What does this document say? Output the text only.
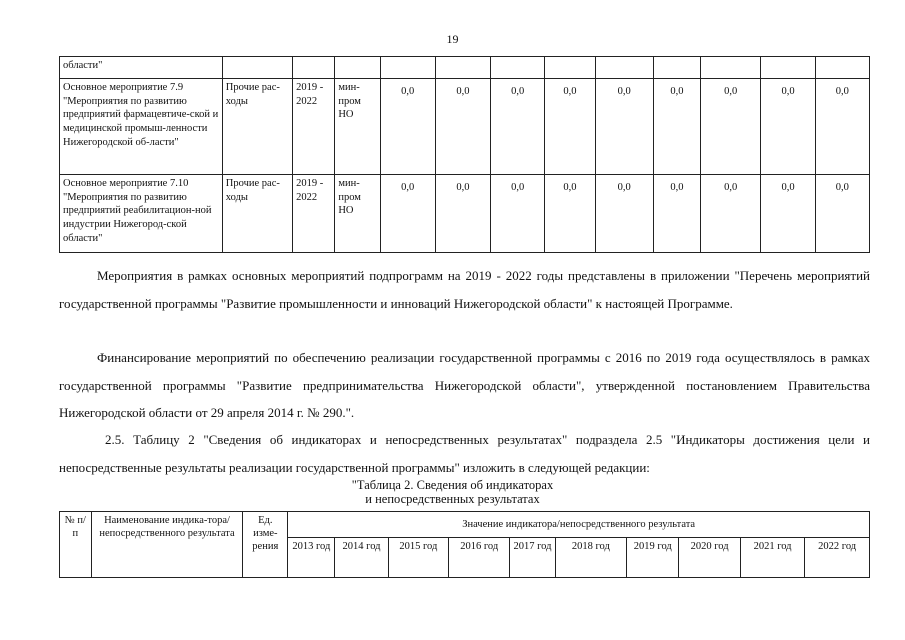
19
области"												
Основное мероприятие 7.9 "Мероприятия по развитию предприятий фармацевтиче-ской и медицинской промыш-ленности Нижегородской об-ласти"	Прочие рас-ходы	2019 - 2022	мин-пром НО	0,0	0,0	0,0	0,0	0,0	0,0	0,0	0,0	0,0
Основное мероприятие 7.10 "Мероприятия по развитию предприятий реабилитацион-ной индустрии Нижегород-ской области"	Прочие рас-ходы	2019 - 2022	мин-пром НО	0,0	0,0	0,0	0,0	0,0	0,0	0,0	0,0	0,0

Мероприятия в рамках основных мероприятий подпрограмм на 2019 - 2022 годы представлены в приложении "Перечень мероприятий государственной программы "Развитие промышленности и инноваций Нижегородской области" к настоящей Программе.

Финансирование мероприятий по обеспечению реализации государственной программы с 2016 по 2019 года осуществлялось в рамках государственной программы "Развитие предпринимательства Нижегородской области", утвержденной постановлением Правительства Нижегородской области от 29 апреля 2014 г. № 290.".

2.5. Таблицу 2 "Сведения об индикаторах и непосредственных результатах" подраздела 2.5 "Индикаторы достижения цели и непосредственные результаты реализации государственной программы" изложить в следующей редакции:

"Таблица 2. Сведения об индикаторах
и непосредственных результатах
№ п/п	Наименование индика-тора/непосредственного результата	Ед. изме-рения	Значение индикатора/непосредственного результата									
			2013 год	2014 год	2015 год	2016 год	2017 год	2018 год	2019 год	2020 год	2021 год	2022 год
